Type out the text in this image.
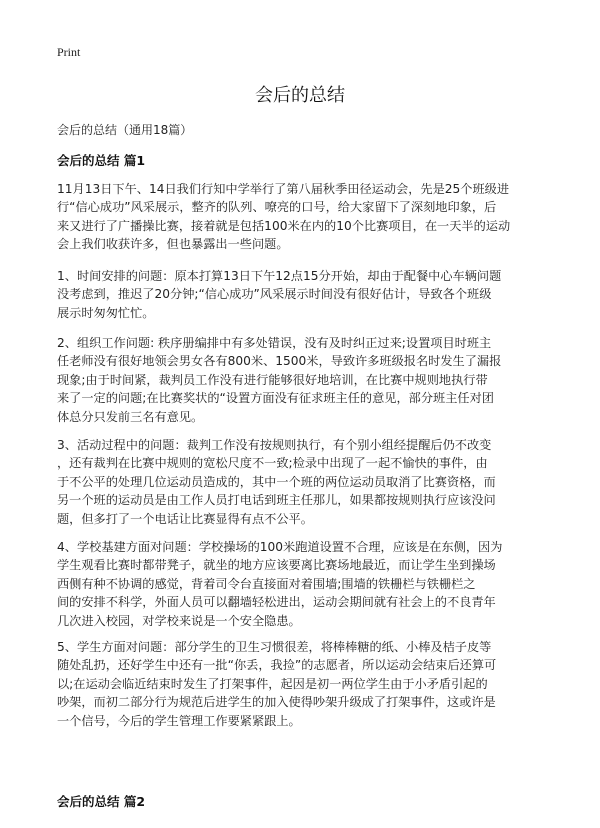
Print
会后的总结

会后的总结（通用18篇）

会后的总结 篇1
11月13日下午、14日我们行知中学举行了第八届秋季田径运动会，先是25个班级进
行“信心成功”风采展示，整齐的队列、嘹亮的口号，给大家留下了深刻地印象，后
来又进行了广播操比赛，接着就是包括100米在内的10个比赛项目，在一天半的运动
会上我们收获许多，但也暴露出一些问题。
1、时间安排的问题：原本打算13日下午12点15分开始，却由于配餐中心车辆问题
没考虑到，推迟了20分钟;“信心成功”风采展示时间没有很好估计，导致各个班级
展示时匆匆忙忙。
2、组织工作问题: 秩序册编排中有多处错误，没有及时纠正过来;设置项目时班主
任老师没有很好地领会男女各有800米、1500米，导致许多班级报名时发生了漏报
现象;由于时间紧，裁判员工作没有进行能够很好地培训，在比赛中规则地执行带
来了一定的问题;在比赛奖状的“设置方面没有征求班主任的意见，部分班主任对团
体总分只发前三名有意见。
3、活动过程中的问题：裁判工作没有按规则执行，有个别小组经提醒后仍不改变
，还有裁判在比赛中规则的宽松尺度不一致;检录中出现了一起不愉快的事件，由
于不公平的处理几位运动员造成的，其中一个班的两位运动员取消了比赛资格，而
另一个班的运动员是由工作人员打电话到班主任那儿，如果都按规则执行应该没问
题，但多打了一个电话让比赛显得有点不公平。
4、学校基建方面对问题：学校操场的100米跑道设置不合理，应该是在东侧，因为
学生观看比赛时都带凳子，就坐的地方应该要离比赛场地最近，而让学生坐到操场
西侧有种不协调的感觉，背着司令台直接面对着围墙;围墙的铁栅栏与铁栅栏之
间的安排不科学，外面人员可以翻墙轻松进出，运动会期间就有社会上的不良青年
几次进入校园，对学校来说是一个安全隐患。
5、学生方面对问题：部分学生的卫生习惯很差，将棒棒糖的纸、小棒及桔子皮等
随处乱扔，还好学生中还有一批“你丢，我捡”的志愿者，所以运动会结束后还算可
以;在运动会临近结束时发生了打架事件，起因是初一两位学生由于小矛盾引起的
吵架，而初二部分行为规范后进学生的加入使得吵架升级成了打架事件，这或许是
一个信号，今后的学生管理工作要紧紧跟上。
会后的总结 篇2
